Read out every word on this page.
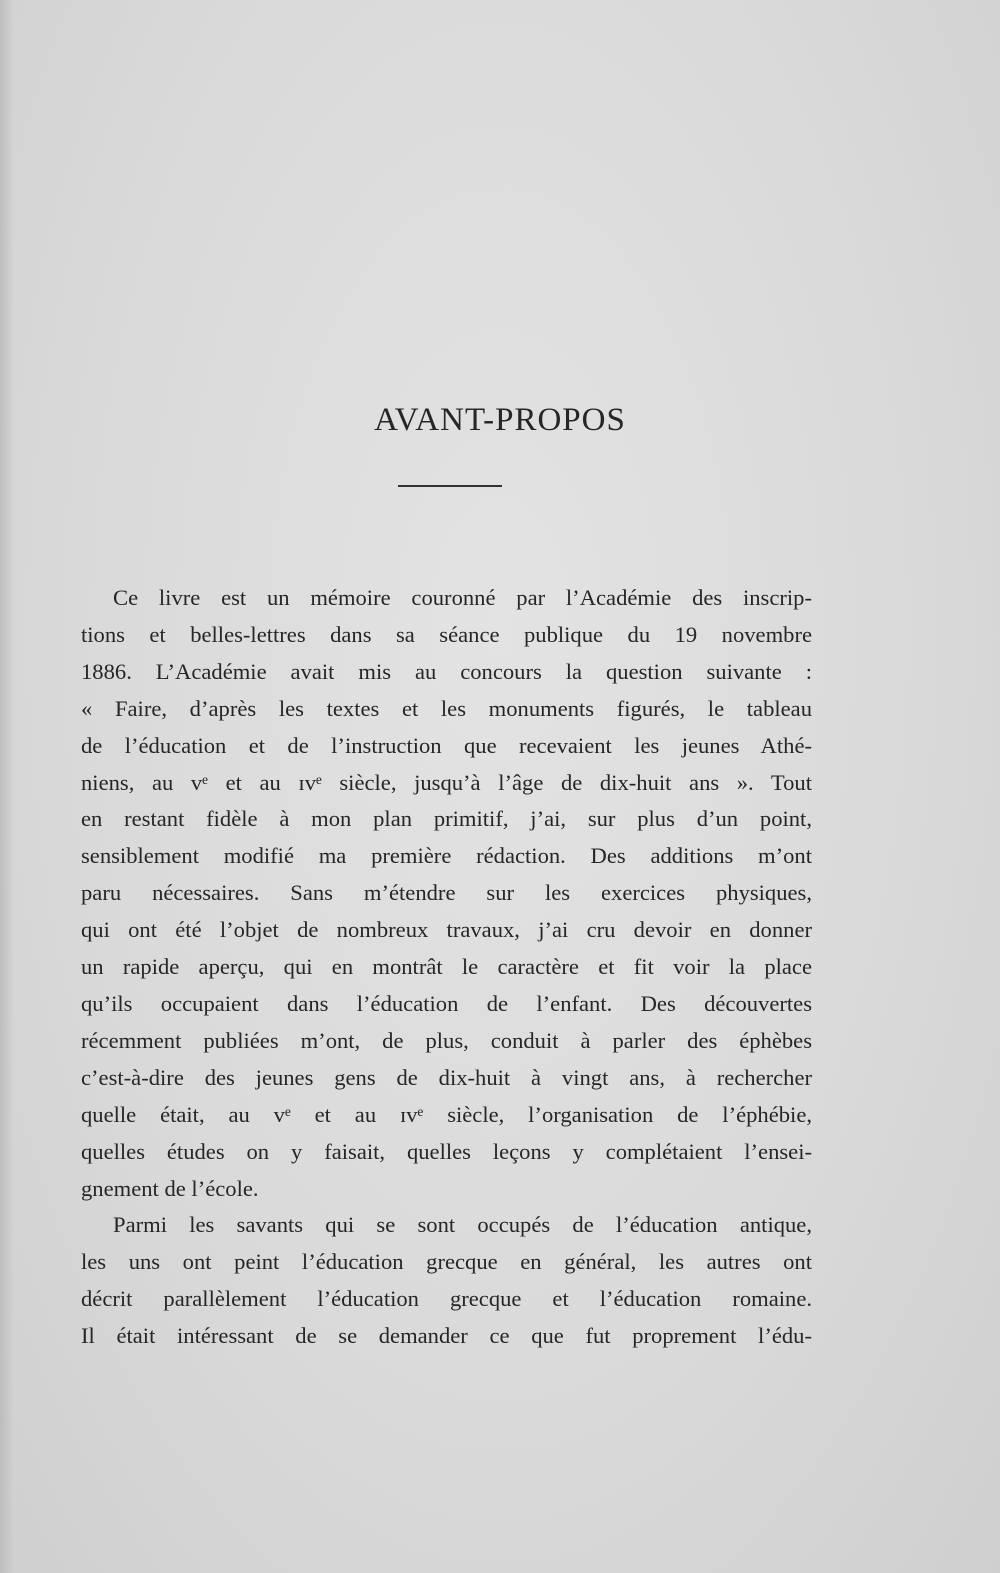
AVANT-PROPOS

Ce livre est un mémoire couronné par l’Académie des inscrip-
tions et belles-lettres dans sa séance publique du 19 novembre
1886. L’Académie avait mis au concours la question suivante :
« Faire, d’après les textes et les monuments figurés, le tableau
de l’éducation et de l’instruction que recevaient les jeunes Athé-
niens, au vᵉ et au ɪᴠᵉ siècle, jusqu’à l’âge de dix-huit ans ». Tout
en restant fidèle à mon plan primitif, j’ai, sur plus d’un point,
sensiblement modifié ma première rédaction. Des additions m’ont
paru nécessaires. Sans m’étendre sur les exercices physiques,
qui ont été l’objet de nombreux travaux, j’ai cru devoir en donner
un rapide aperçu, qui en montrât le caractère et fit voir la place
qu’ils occupaient dans l’éducation de l’enfant. Des découvertes
récemment publiées m’ont, de plus, conduit à parler des éphèbes
c’est-à-dire des jeunes gens de dix-huit à vingt ans, à rechercher
quelle était, au vᵉ et au ɪᴠᵉ siècle, l’organisation de l’éphébie,
quelles études on y faisait, quelles leçons y complétaient l’ensei-
gnement de l’école.

Parmi les savants qui se sont occupés de l’éducation antique,
les uns ont peint l’éducation grecque en général, les autres ont
décrit parallèlement l’éducation grecque et l’éducation romaine.
Il était intéressant de se demander ce que fut proprement l’édu-
